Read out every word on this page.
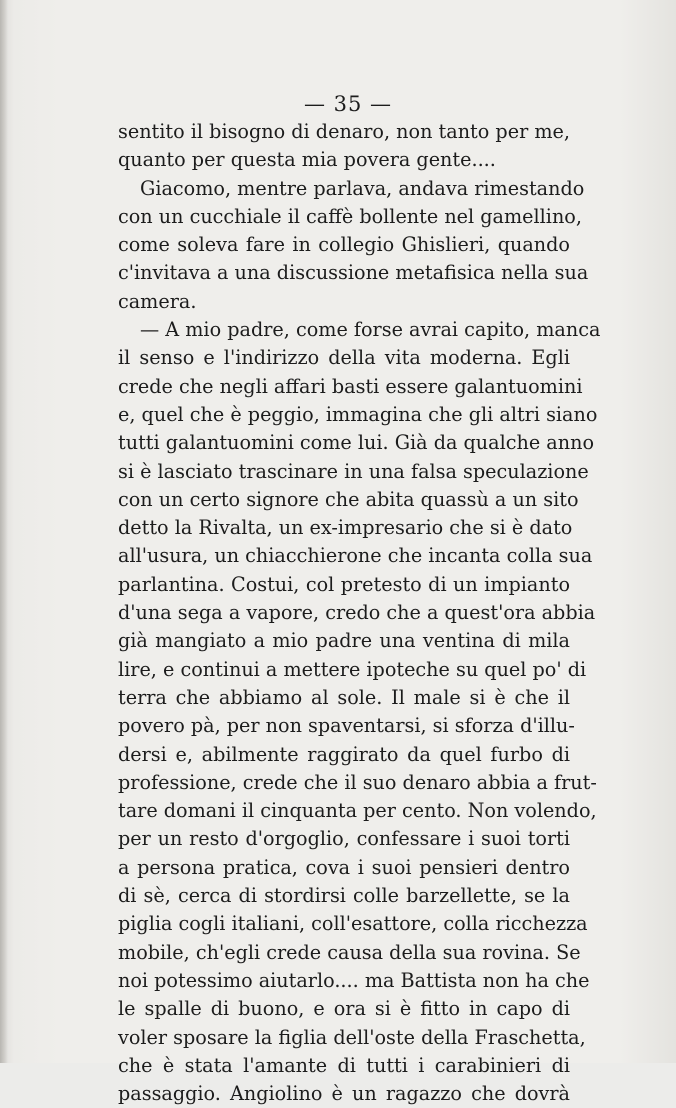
— 35 —
sentito il bisogno di denaro, non tanto per me,
quanto per questa mia povera gente....
Giacomo, mentre parlava, andava rimestando
con un cucchiale il caffè bollente nel gamellino,
come soleva fare in collegio Ghislieri, quando
c'invitava a una discussione metafisica nella sua
camera.
— A mio padre, come forse avrai capito, manca
il senso e l'indirizzo della vita moderna. Egli
crede che negli affari basti essere galantuomini
e, quel che è peggio, immagina che gli altri siano
tutti galantuomini come lui. Già da qualche anno
si è lasciato trascinare in una falsa speculazione
con un certo signore che abita quassù a un sito
detto la Rivalta, un ex-impresario che si è dato
all'usura, un chiacchierone che incanta colla sua
parlantina. Costui, col pretesto di un impianto
d'una sega a vapore, credo che a quest'ora abbia
già mangiato a mio padre una ventina di mila
lire, e continui a mettere ipoteche su quel po' di
terra che abbiamo al sole. Il male si è che il
povero pà, per non spaventarsi, si sforza d'illu-
dersi e, abilmente raggirato da quel furbo di
professione, crede che il suo denaro abbia a frut-
tare domani il cinquanta per cento. Non volendo,
per un resto d'orgoglio, confessare i suoi torti
a persona pratica, cova i suoi pensieri dentro
di sè, cerca di stordirsi colle barzellette, se la
piglia cogli italiani, coll'esattore, colla ricchezza
mobile, ch'egli crede causa della sua rovina. Se
noi potessimo aiutarlo.... ma Battista non ha che
le spalle di buono, e ora si è fitto in capo di
voler sposare la figlia dell'oste della Fraschetta,
che è stata l'amante di tutti i carabinieri di
passaggio. Angiolino è un ragazzo che dovrà
